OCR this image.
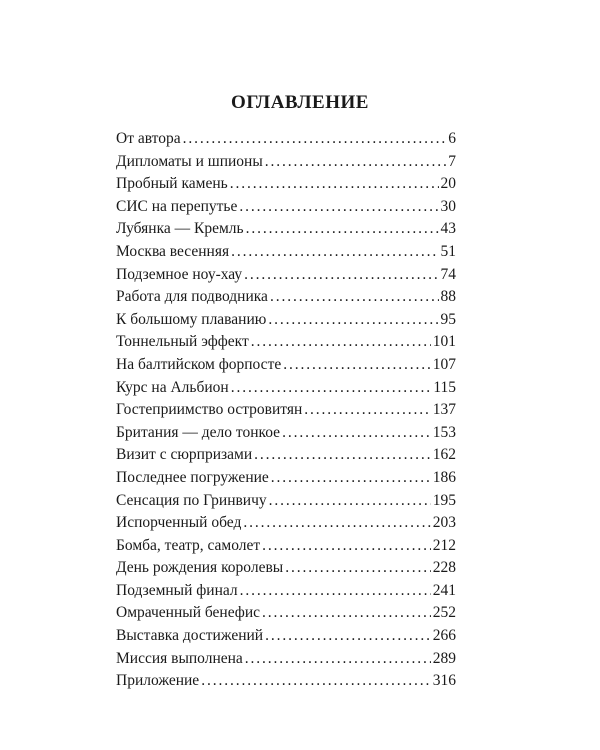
ОГЛАВЛЕНИЕ
От автора . . .	6
Дипломаты и шпионы . . .	7
Пробный камень . . .	20
СИС на перепутье . . .	30
Лубянка — Кремль . . .	43
Москва весенняя . . .	51
Подземное ноу-хау . . .	74
Работа для подводника . . .	88
К большому плаванию . . .	95
Тоннельный эффект . . .	101
На балтийском форпосте . . .	107
Курс на Альбион . . .	115
Гостеприимство островитян . . .	137
Британия — дело тонкое . . .	153
Визит с сюрпризами . . .	162
Последнее погружение . . .	186
Сенсация по Гринвичу . . .	195
Испорченный обед . . .	203
Бомба, театр, самолет . . .	212
День рождения королевы . . .	228
Подземный финал . . .	241
Омраченный бенефис . . .	252
Выставка достижений . . .	266
Миссия выполнена . . .	289
Приложение . . .	316
